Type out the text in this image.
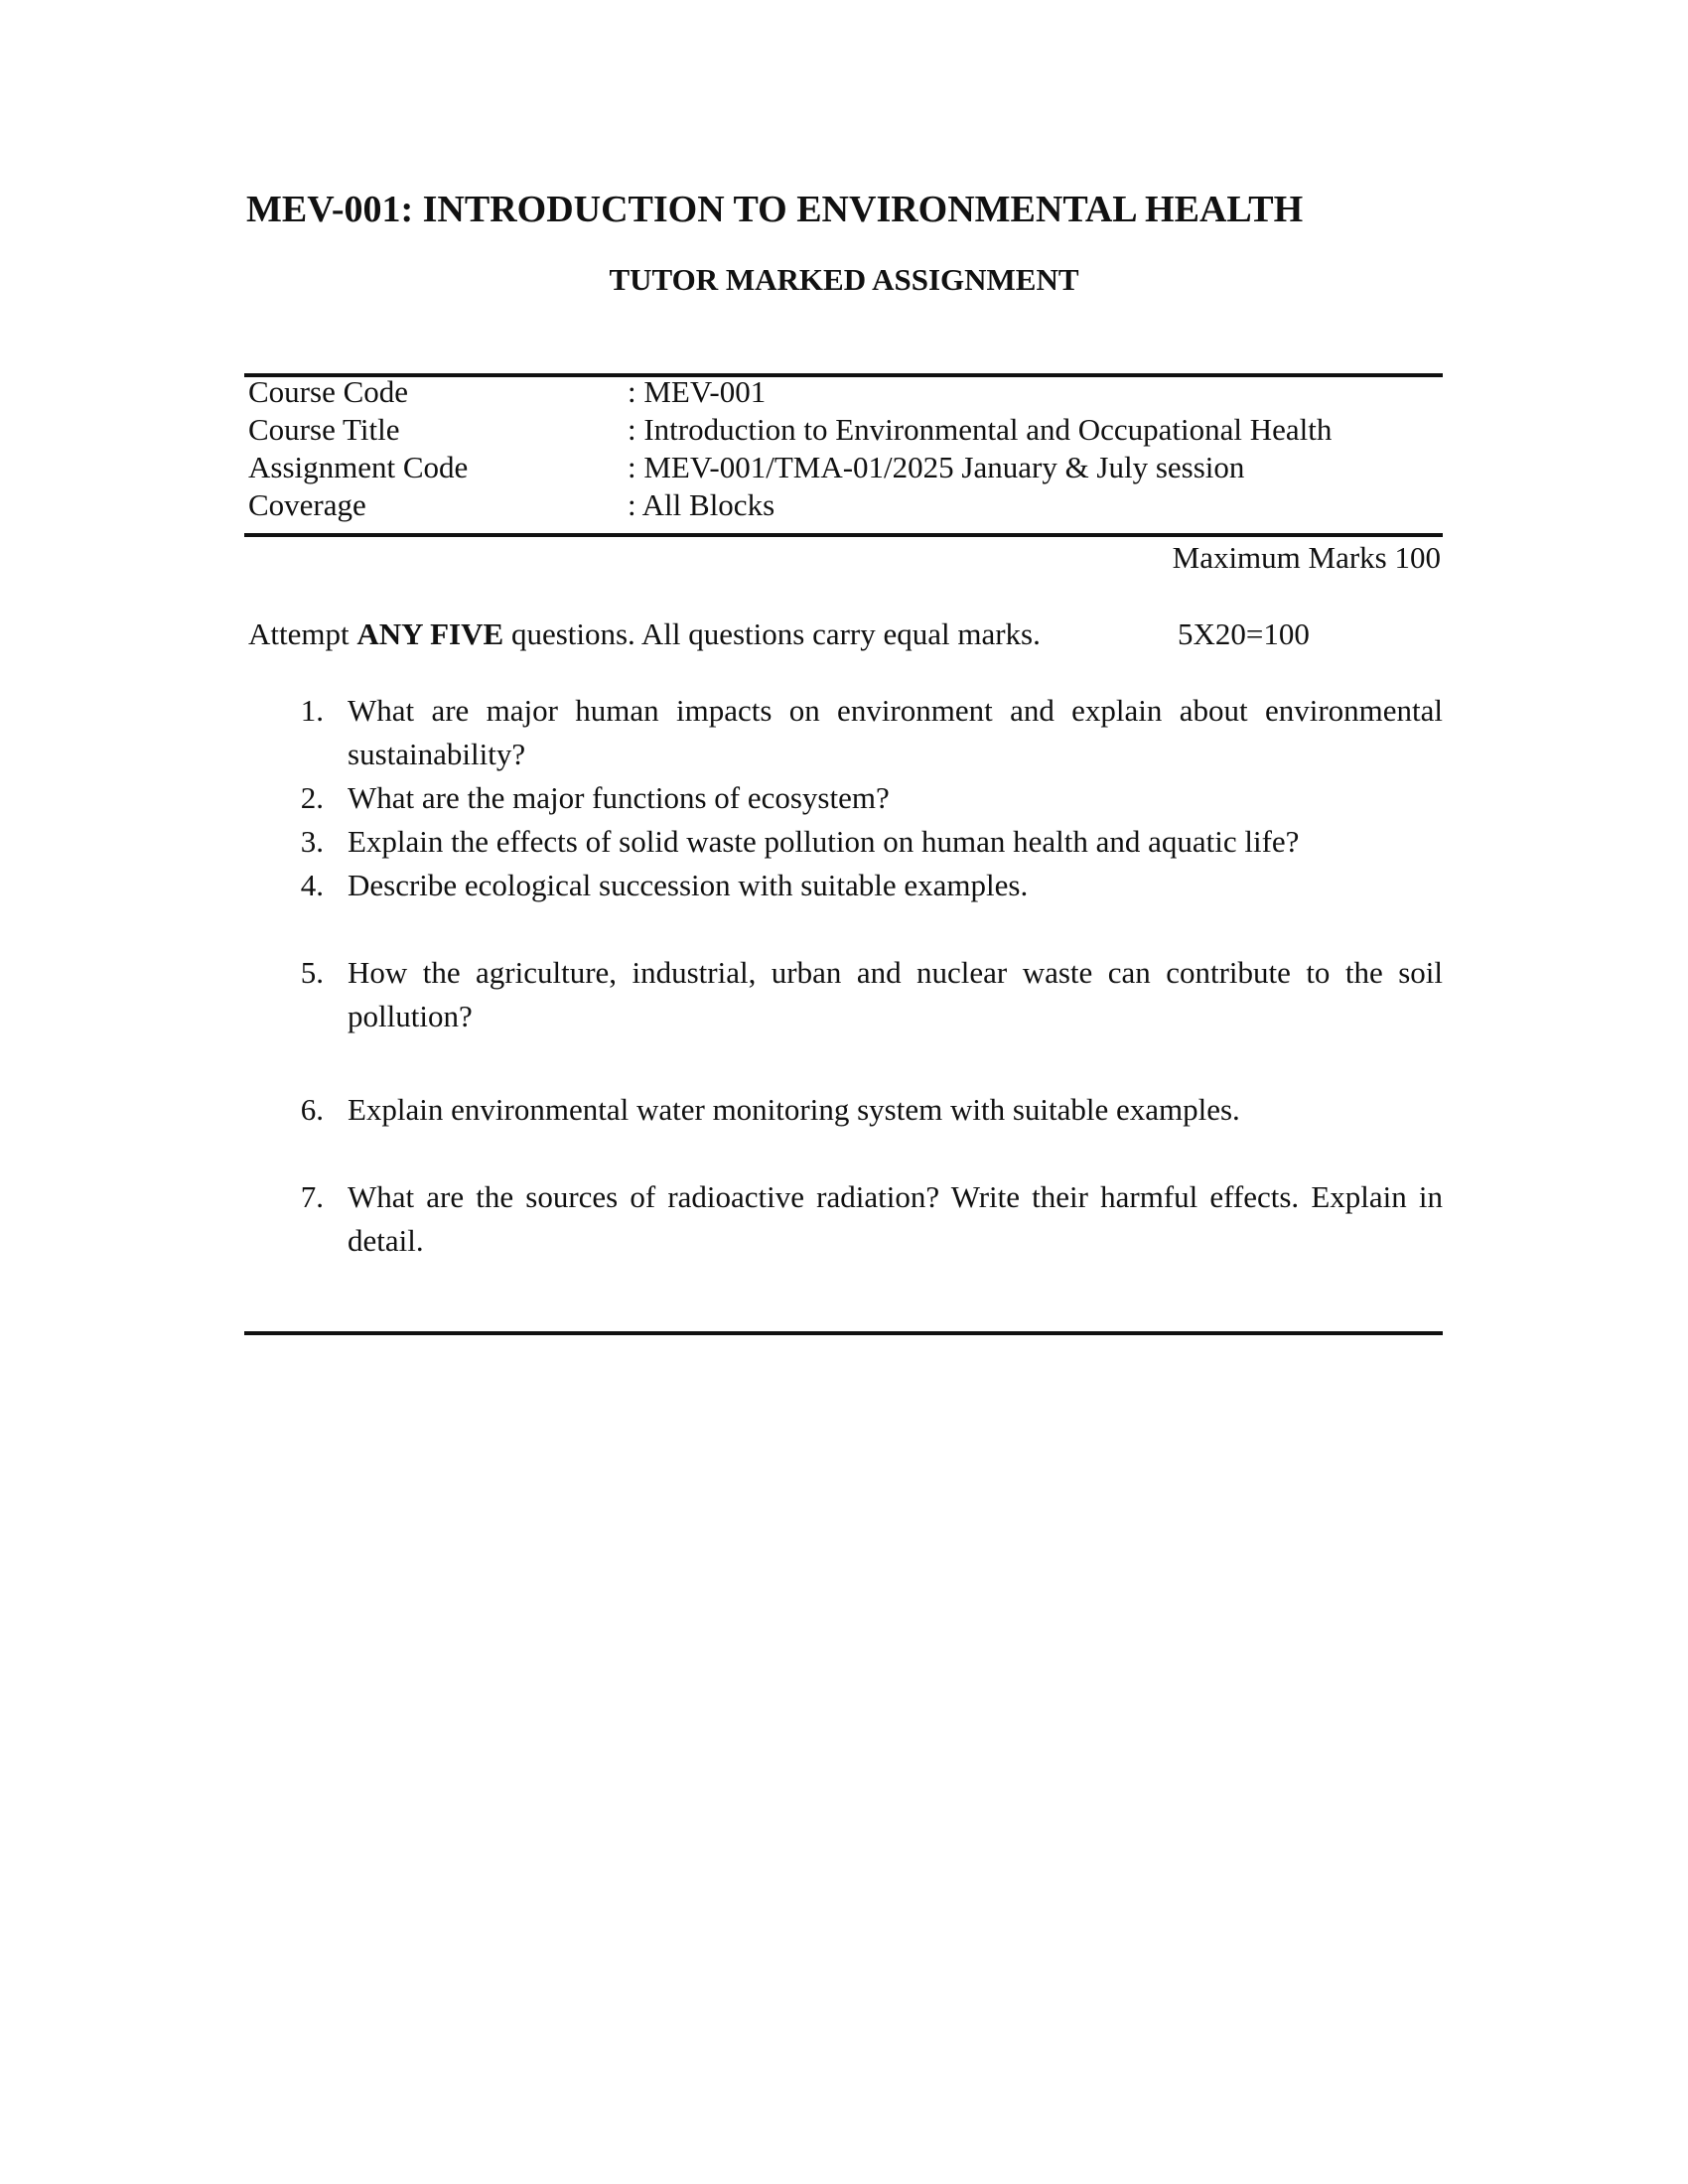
MEV-001: INTRODUCTION TO ENVIRONMENTAL HEALTH
TUTOR MARKED ASSIGNMENT
Course Code	: MEV-001
Course Title	: Introduction to Environmental and Occupational Health
Assignment Code	: MEV-001/TMA-01/2025 January & July session
Coverage	: All Blocks
Maximum Marks 100
Attempt ANY FIVE questions. All questions carry equal marks.	5X20=100
1. What are major human impacts on environment and explain about environmental sustainability?
2. What are the major functions of ecosystem?
3. Explain the effects of solid waste pollution on human health and aquatic life?
4. Describe ecological succession with suitable examples.
5. How the agriculture, industrial, urban and nuclear waste can contribute to the soil pollution?
6. Explain environmental water monitoring system with suitable examples.
7. What are the sources of radioactive radiation? Write their harmful effects. Explain in detail.
